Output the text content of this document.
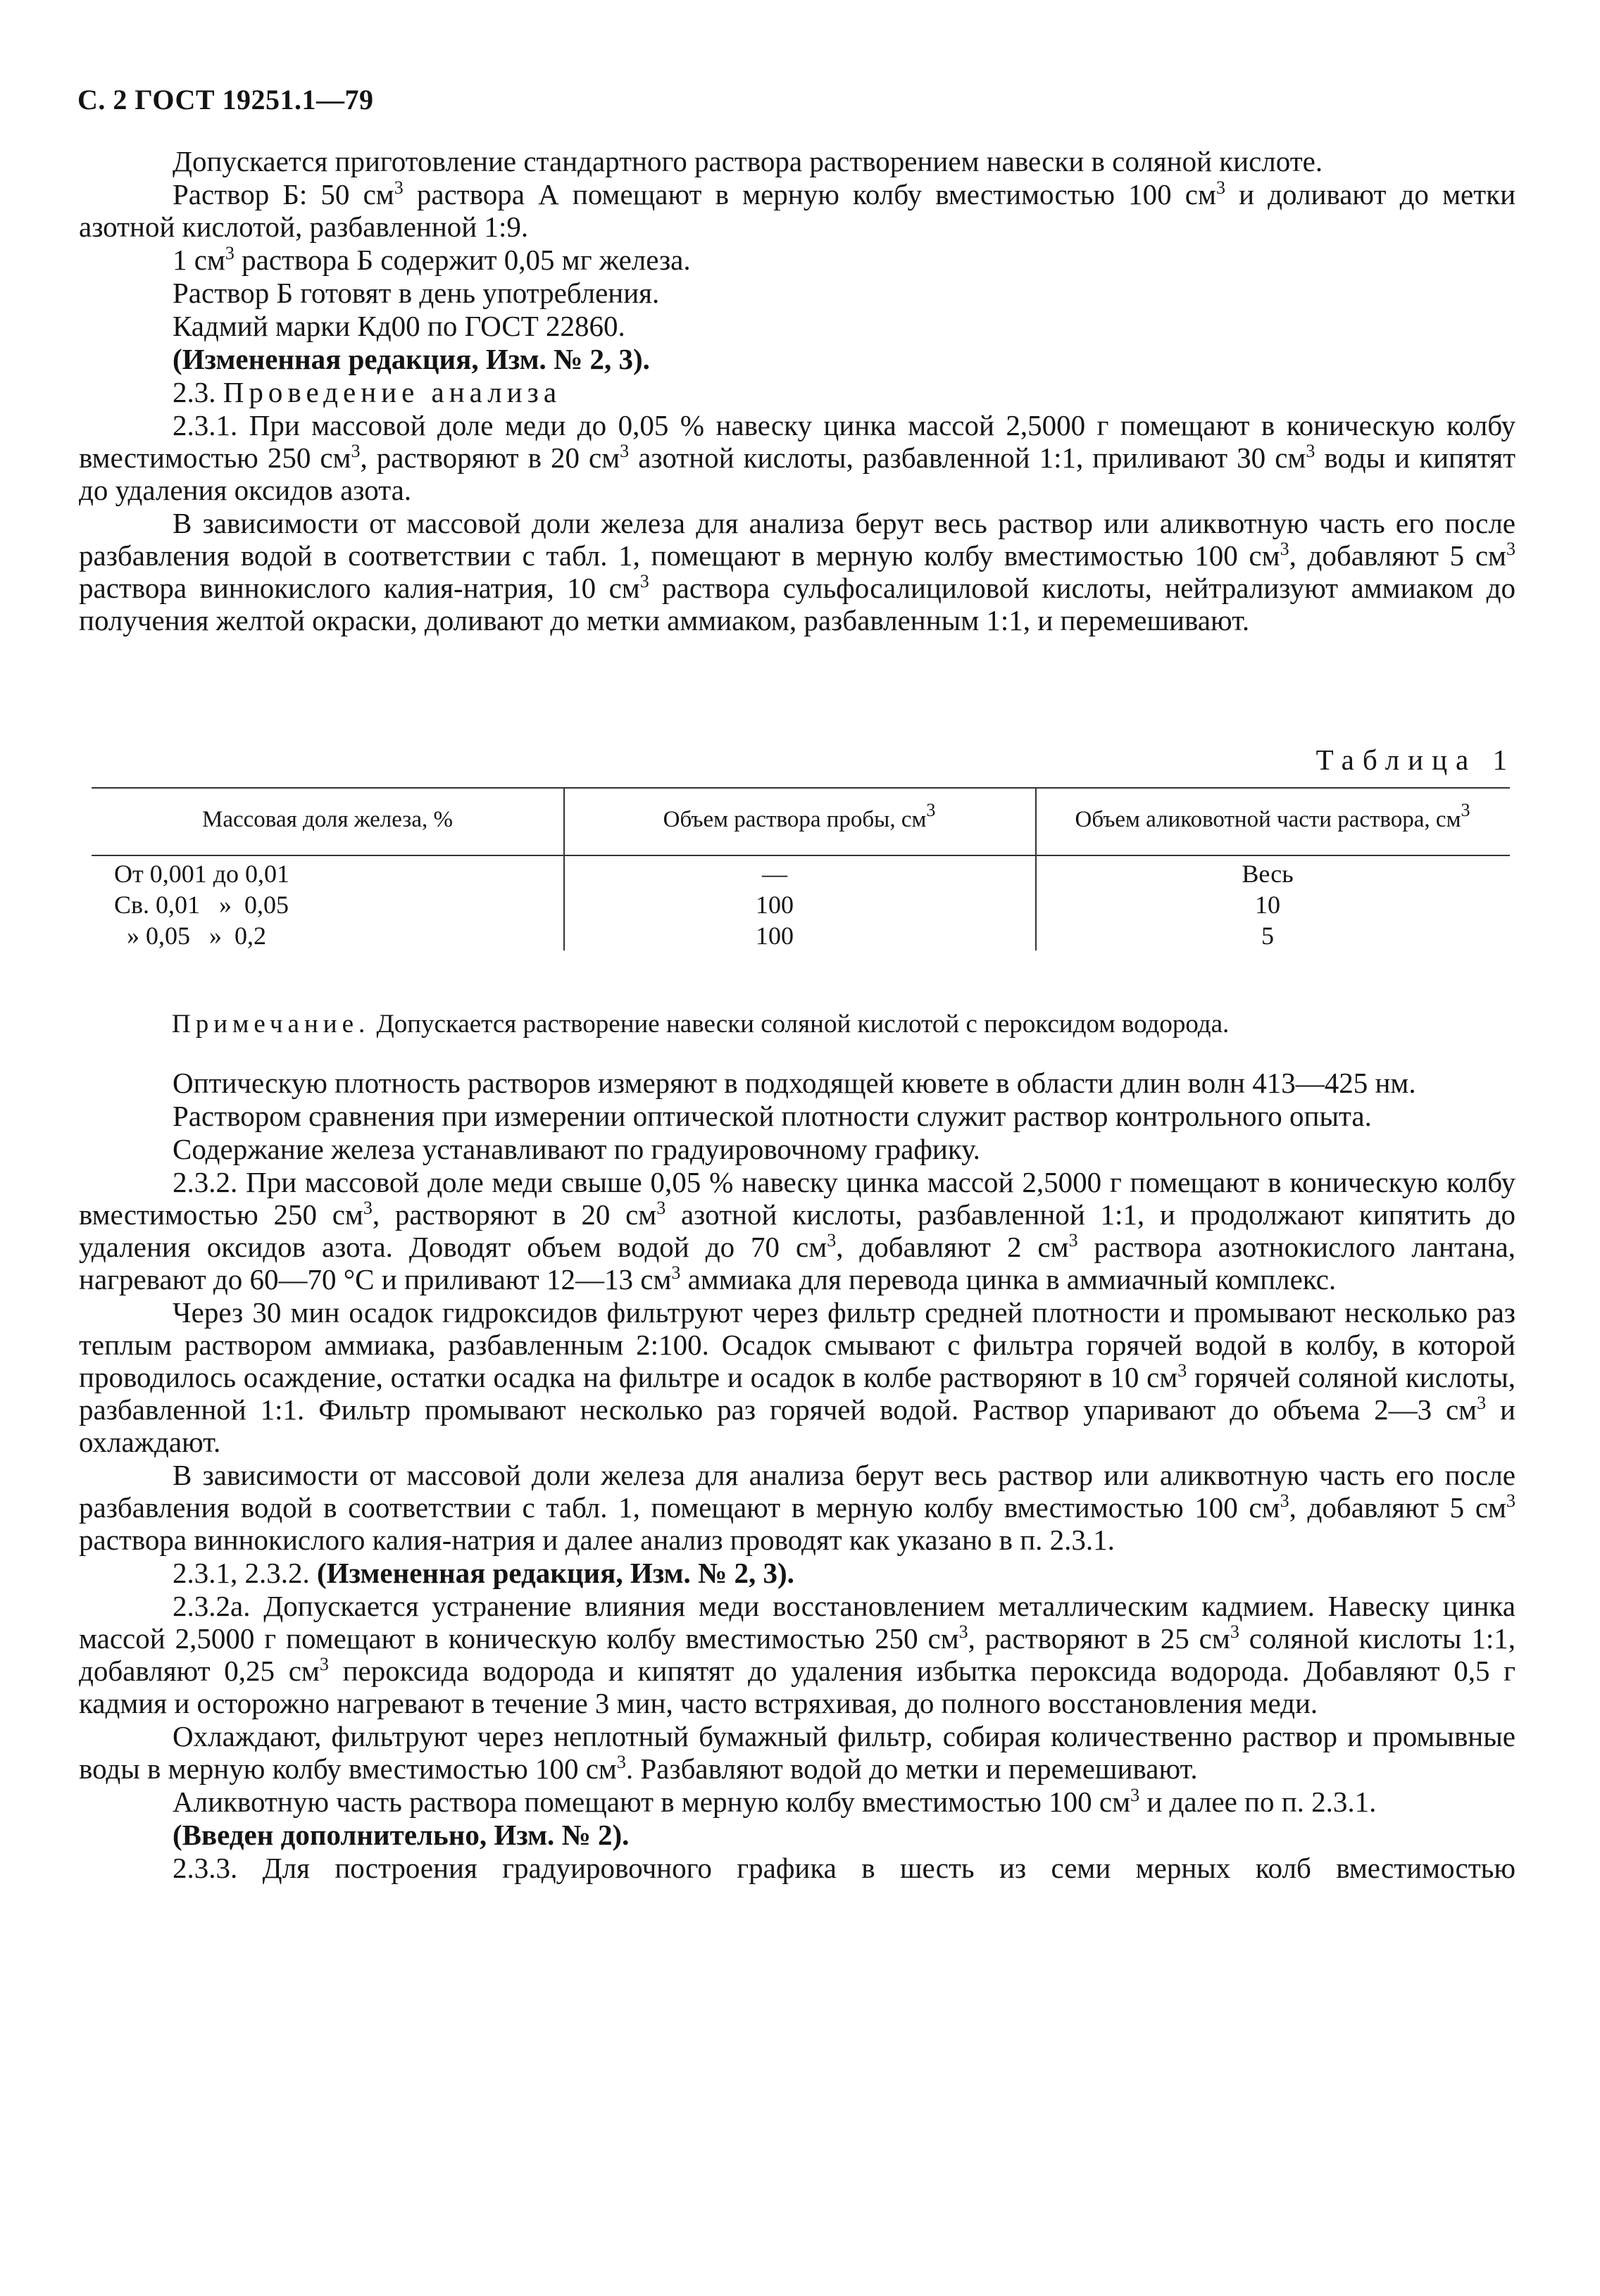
С. 2 ГОСТ 19251.1—79

Допускается приготовление стандартного раствора растворением навески в соляной кислоте.

Раствор Б: 50 $см^3$ раствора А помещают в мерную колбу вместимостью 100 $см^3$ и доливают до метки азотной кислотой, разбавленной 1:9.

1 $см^3$ раствора Б содержит 0,05 мг железа.

Раствор Б готовят в день употребления.

Кадмий марки Кд00 по ГОСТ 22860.

(Измененная редакция, Изм. № 2, 3).

2.3. Проведение анализа

2.3.1. При массовой доле меди до 0,05 % навеску цинка массой 2,5000 г помещают в коническую колбу вместимостью 250 $см^3$, растворяют в 20 $см^3$ азотной кислоты, разбавленной 1:1, приливают 30 $см^3$ воды и кипятят до удаления оксидов азота.

В зависимости от массовой доли железа для анализа берут весь раствор или аликвотную часть его после разбавления водой в соответствии с табл. 1, помещают в мерную колбу вместимостью 100 $см^3$, добавляют 5 $см^3$ раствора виннокислого калия-натрия, 10 $см^3$ раствора сульфосалициловой кислоты, нейтрализуют аммиаком до получения желтой окраски, доливают до метки аммиаком, разбавленным 1:1, и перемешивают.

Таблица 1
Массовая доля железа, %	Объем раствора пробы, $см^3$	Объем аликовотной части раствора, $см^3$
От 0,001 до 0,01	—	Весь
Св. 0,01   »  0,05	100	10
» 0,05   »  0,2	100	5
Примечание. Допускается растворение навески соляной кислотой с пероксидом водорода.

Оптическую плотность растворов измеряют в подходящей кювете в области длин волн 413—425 нм.

Раствором сравнения при измерении оптической плотности служит раствор контрольного опыта.

Содержание железа устанавливают по градуировочному графику.

2.3.2. При массовой доле меди свыше 0,05 % навеску цинка массой 2,5000 г помещают в коническую колбу вместимостью 250 $см^3$, растворяют в 20 $см^3$ азотной кислоты, разбавленной 1:1, и продолжают кипятить до удаления оксидов азота. Доводят объем водой до 70 $см^3$, добавляют 2 $см^3$ раствора азотнокислого лантана, нагревают до 60—70 °С и приливают 12—13 $см^3$ аммиака для перевода цинка в аммиачный комплекс.

Через 30 мин осадок гидроксидов фильтруют через фильтр средней плотности и промывают несколько раз теплым раствором аммиака, разбавленным 2:100. Осадок смывают с фильтра горячей водой в колбу, в которой проводилось осаждение, остатки осадка на фильтре и осадок в колбе растворяют в 10 $см^3$ горячей соляной кислоты, разбавленной 1:1. Фильтр промывают несколько раз горячей водой. Раствор упаривают до объема 2—3 $см^3$ и охлаждают.

В зависимости от массовой доли железа для анализа берут весь раствор или аликвотную часть его после разбавления водой в соответствии с табл. 1, помещают в мерную колбу вместимостью 100 $см^3$, добавляют 5 $см^3$ раствора виннокислого калия-натрия и далее анализ проводят как указано в п. 2.3.1.

2.3.1, 2.3.2. (Измененная редакция, Изм. № 2, 3).

2.3.2а. Допускается устранение влияния меди восстановлением металлическим кадмием. Навеску цинка массой 2,5000 г помещают в коническую колбу вместимостью 250 $см^3$, растворяют в 25 $см^3$ соляной кислоты 1:1, добавляют 0,25 $см^3$ пероксида водорода и кипятят до удаления избытка пероксида водорода. Добавляют 0,5 г кадмия и осторожно нагревают в течение 3 мин, часто встряхивая, до полного восстановления меди.

Охлаждают, фильтруют через неплотный бумажный фильтр, собирая количественно раствор и промывные воды в мерную колбу вместимостью 100 $см^3$. Разбавляют водой до метки и перемешивают.

Аликвотную часть раствора помещают в мерную колбу вместимостью 100 $см^3$ и далее по п. 2.3.1.

(Введен дополнительно, Изм. № 2).

2.3.3. Для построения градуировочного графика в шесть из семи мерных колб вместимостью
